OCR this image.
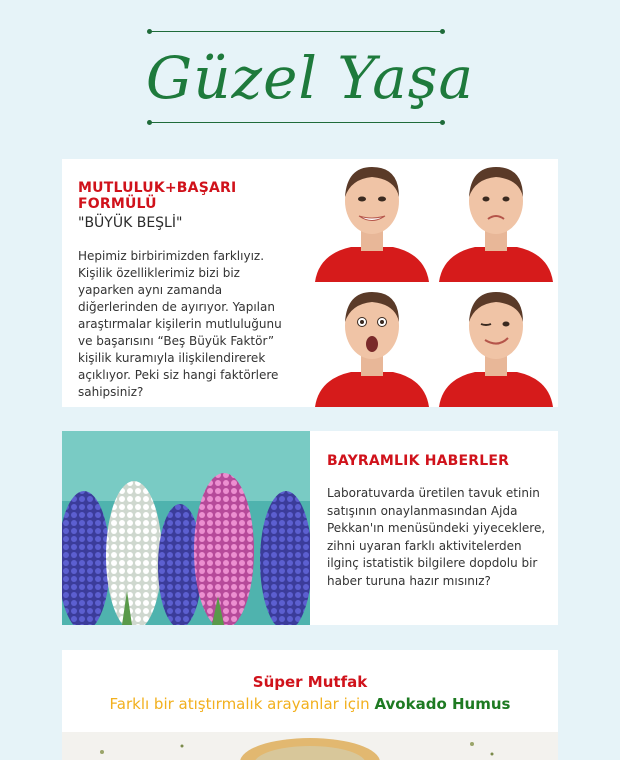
Güzel Yaşa
MUTLULUK+BAŞARI FORMÜLÜ
"BÜYÜK BEŞLİ"
Hepimiz birbirimizden farklıyız. Kişilik özelliklerimiz bizi biz yaparken aynı zamanda diğerlerinden de ayırıyor. Yapılan araştırmalar kişilerin mutluluğunu ve başarısını “Beş Büyük Faktör” kişilik kuramıyla ilişkilendirerek açıklıyor. Peki siz hangi faktörlere sahipsiniz?
BAYRAMLIK HABERLER
Laboratuvarda üretilen tavuk etinin satışının onaylanmasından Ajda Pekkan'ın menüsündeki yiyeceklere, zihni uyaran farklı aktivitelerden ilginç istatistik bilgilere dopdolu bir haber turuna hazır mısınız?
Süper Mutfak
Farklı bir atıştırmalık arayanlar için Avokado Humus
